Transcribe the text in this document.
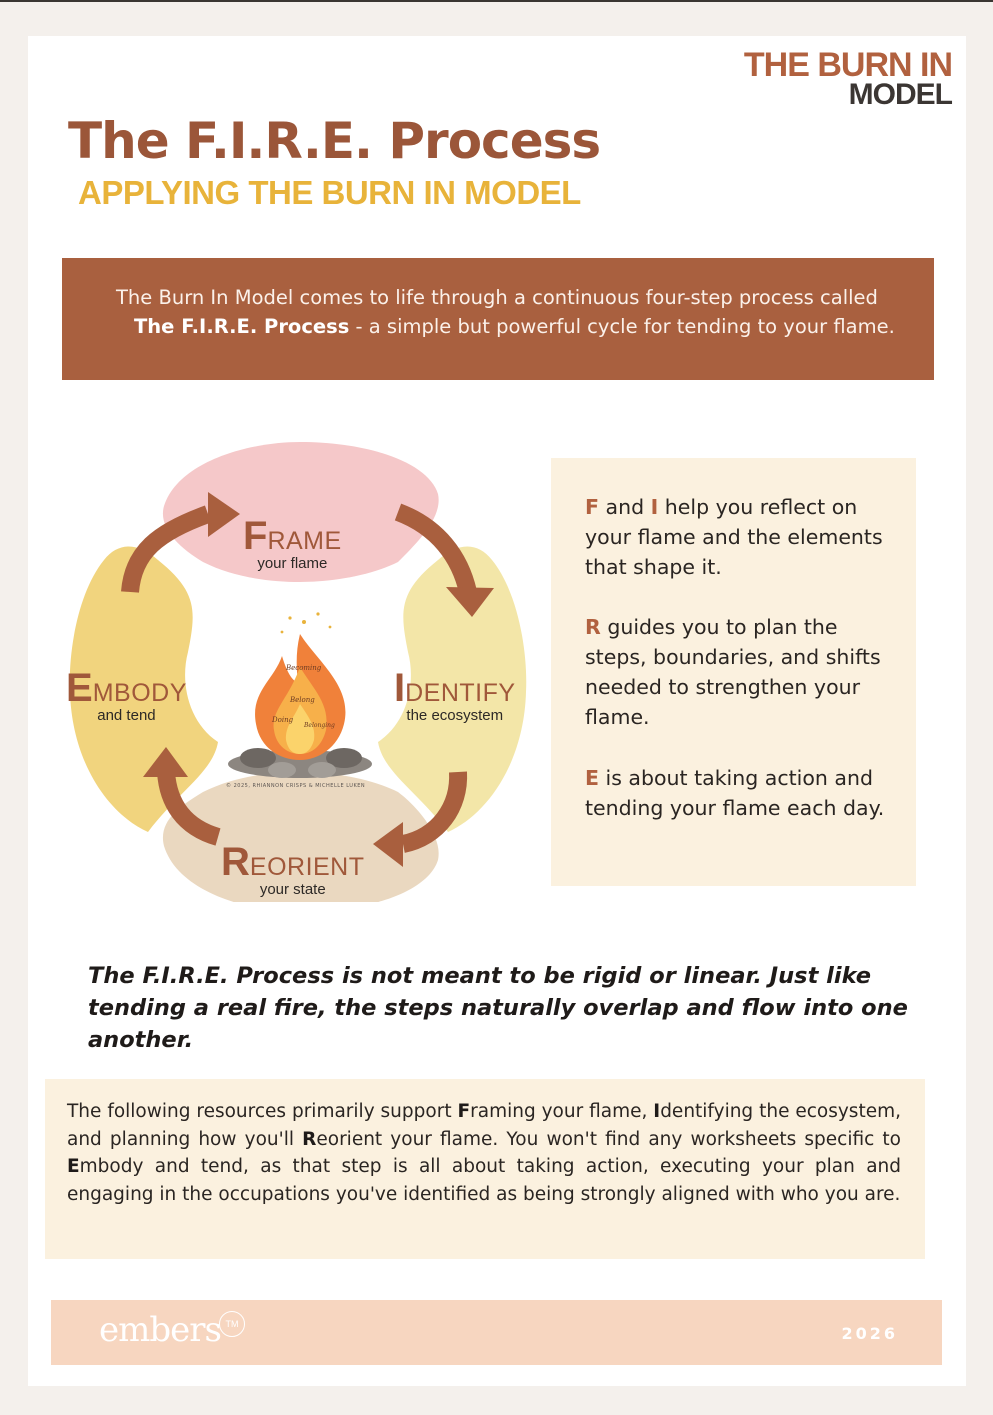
THE BURN IN
MODEL
The F.I.R.E. Process
APPLYING THE BURN IN MODEL
The Burn In Model comes to life through a continuous four-step process called
The F.I.R.E. Process - a simple but powerful cycle for tending to your flame.
FRAME
your flame
IDENTIFY
the ecosystem
REORIENT
your state
EMBODY
and tend
Becoming
Belong
Doing
Belonging
© 2025, RHIANNON CRISPS & MICHELLE LUKEN

F and I help you reflect on your flame and the elements that shape it.

R guides you to plan the steps, boundaries, and shifts needed to strengthen your flame.

E is about taking action and tending your flame each day.

The F.I.R.E. Process is not meant to be rigid or linear. Just like tending a real fire, the steps naturally overlap and flow into one another.

The following resources primarily support Framing your flame, Identifying the ecosystem, and planning how you'll Reorient your flame. You won't find any worksheets specific to Embody and tend, as that step is all about taking action, executing your plan and engaging in the occupations you've identified as being strongly aligned with who you are.

embers TM	2026
